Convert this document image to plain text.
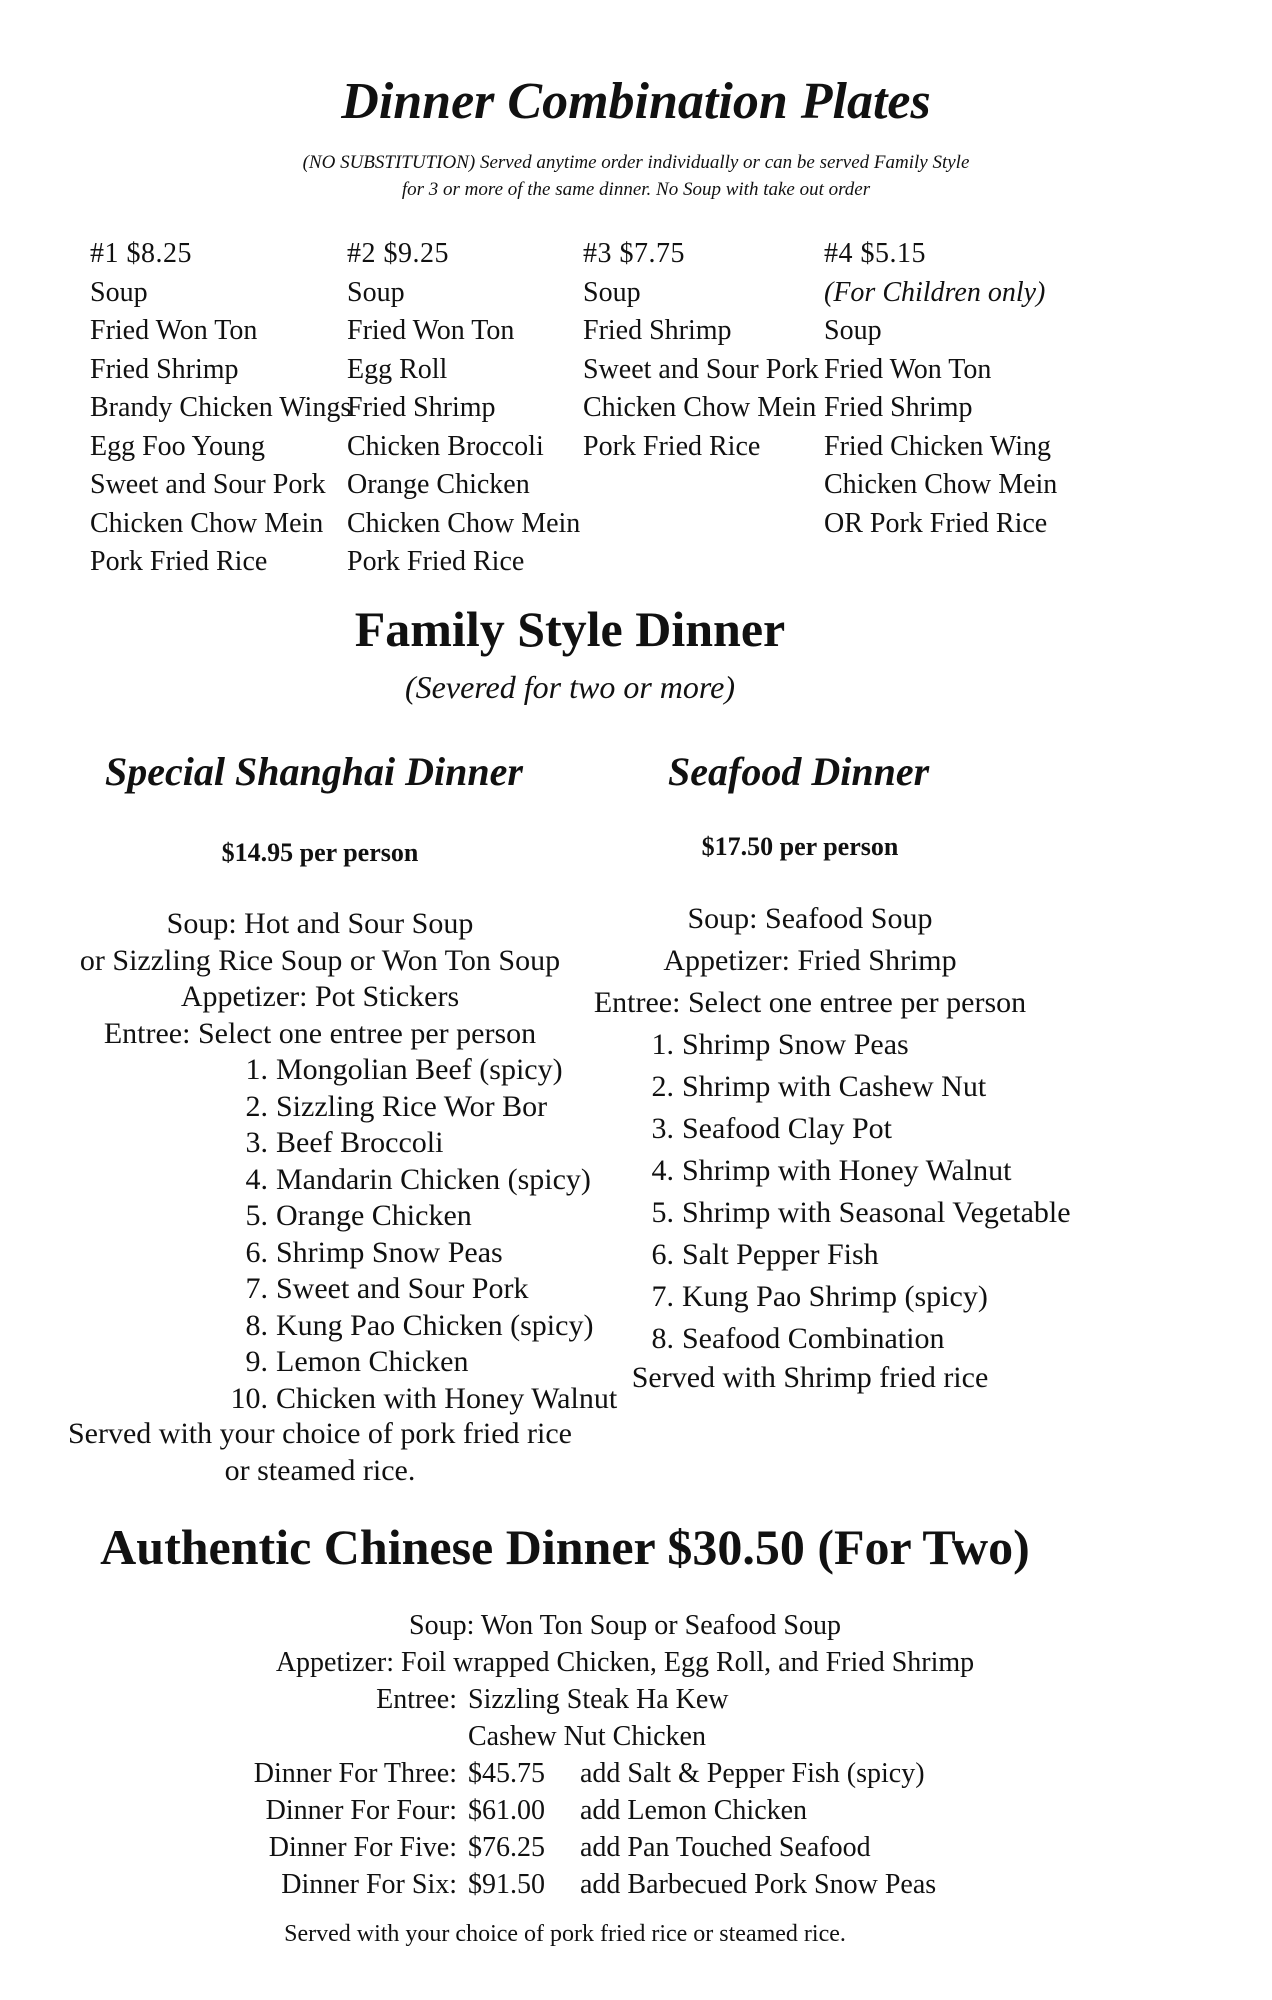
Dinner Combination Plates
(NO SUBSTITUTION) Served anytime order individually or can be served Family Style
for 3 or more of the same dinner. No Soup with take out order
#1 $8.25
Soup
Fried Won Ton
Fried Shrimp
Brandy Chicken Wings
Egg Foo Young
Sweet and Sour Pork
Chicken Chow Mein
Pork Fried Rice
#2 $9.25
Soup
Fried Won Ton
Egg Roll
Fried Shrimp
Chicken Broccoli
Orange Chicken
Chicken Chow Mein
Pork Fried Rice
#3 $7.75
Soup
Fried Shrimp
Sweet and Sour Pork
Chicken Chow Mein
Pork Fried Rice
#4 $5.15
(For Children only)
Soup
Fried Won Ton
Fried Shrimp
Fried Chicken Wing
Chicken Chow Mein
OR Pork Fried Rice
Family Style Dinner
(Severed for two or more)
Special Shanghai Dinner
$14.95 per person
Soup: Hot and Sour Soup
or Sizzling Rice Soup or Won Ton Soup
Appetizer: Pot Stickers
Entree: Select one entree per person
1. Mongolian Beef (spicy)
2. Sizzling Rice Wor Bor
3. Beef Broccoli
4. Mandarin Chicken (spicy)
5. Orange Chicken
6. Shrimp Snow Peas
7. Sweet and Sour Pork
8. Kung Pao Chicken (spicy)
9. Lemon Chicken
10. Chicken with Honey Walnut
Served with your choice of pork fried rice
or steamed rice.
Seafood Dinner
$17.50 per person
Soup: Seafood Soup
Appetizer: Fried Shrimp
Entree: Select one entree per person
1. Shrimp Snow Peas
2. Shrimp with Cashew Nut
3. Seafood Clay Pot
4. Shrimp with Honey Walnut
5. Shrimp with Seasonal Vegetable
6. Salt Pepper Fish
7. Kung Pao Shrimp (spicy)
8. Seafood Combination
Served with Shrimp fried rice
Authentic Chinese Dinner $30.50 (For Two)
Soup: Won Ton Soup or Seafood Soup
Appetizer: Foil wrapped Chicken, Egg Roll, and Fried Shrimp
Entree: Sizzling Steak Ha Kew
Cashew Nut Chicken
Dinner For Three: $45.75 add Salt & Pepper Fish (spicy)
Dinner For Four: $61.00 add Lemon Chicken
Dinner For Five: $76.25 add Pan Touched Seafood
Dinner For Six: $91.50 add Barbecued Pork Snow Peas
Served with your choice of pork fried rice or steamed rice.
